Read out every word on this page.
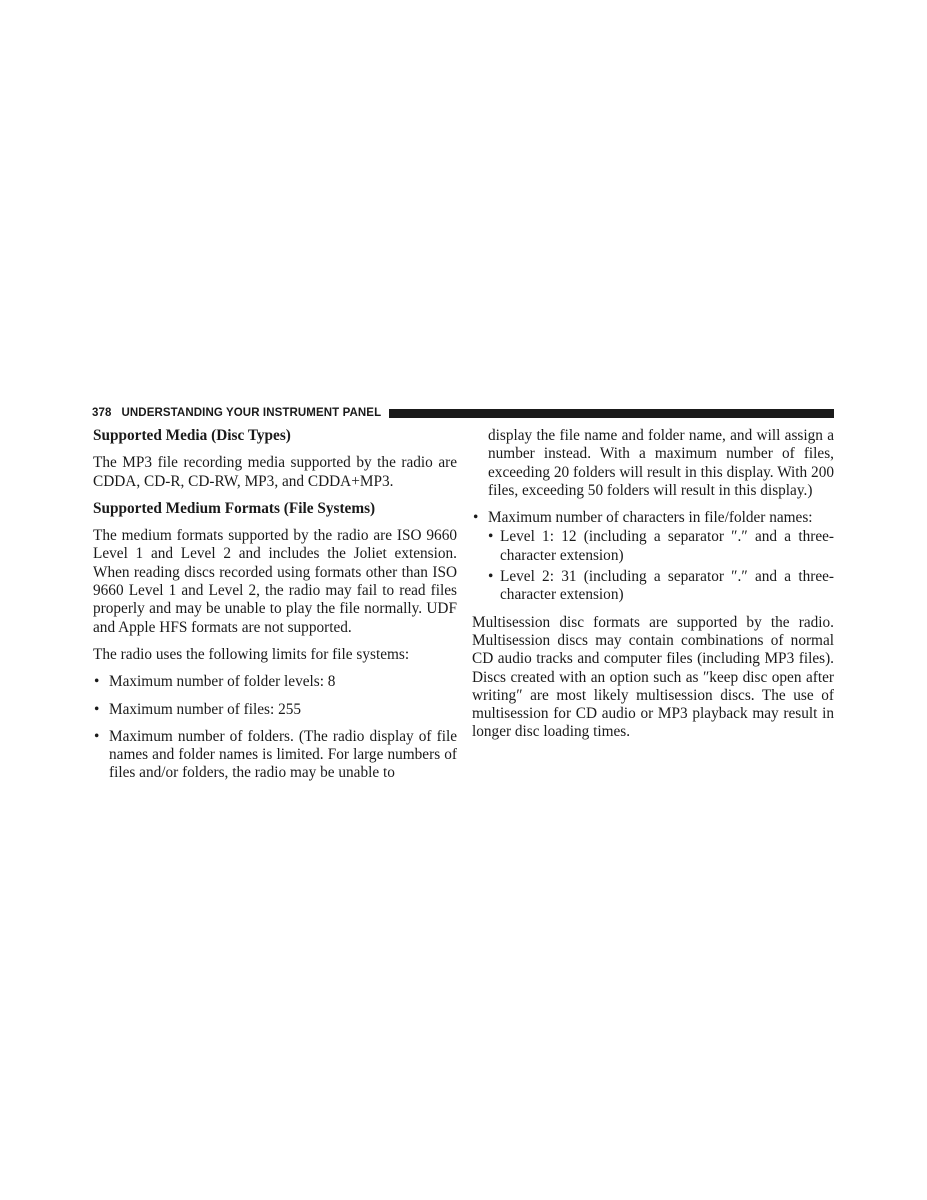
378 UNDERSTANDING YOUR INSTRUMENT PANEL
Supported Media (Disc Types)

The MP3 file recording media supported by the radio are CDDA, CD-R, CD-RW, MP3, and CDDA+MP3.

Supported Medium Formats (File Systems)

The medium formats supported by the radio are ISO 9660 Level 1 and Level 2 and includes the Joliet extension. When reading discs recorded using formats other than ISO 9660 Level 1 and Level 2, the radio may fail to read files properly and may be unable to play the file normally. UDF and Apple HFS formats are not supported.

The radio uses the following limits for file systems:

• Maximum number of folder levels: 8
• Maximum number of files: 255
• Maximum number of folders. (The radio display of file names and folder names is limited. For large numbers of files and/or folders, the radio may be unable to
display the file name and folder name, and will assign a number instead. With a maximum number of files, exceeding 20 folders will result in this display. With 200 files, exceeding 50 folders will result in this display.)
• Maximum number of characters in file/folder names:
• Level 1: 12 (including a separator ″.″ and a three-character extension)
• Level 2: 31 (including a separator ″.″ and a three-character extension)

Multisession disc formats are supported by the radio. Multisession discs may contain combinations of normal CD audio tracks and computer files (including MP3 files). Discs created with an option such as ″keep disc open after writing″ are most likely multisession discs. The use of multisession for CD audio or MP3 playback may result in longer disc loading times.
